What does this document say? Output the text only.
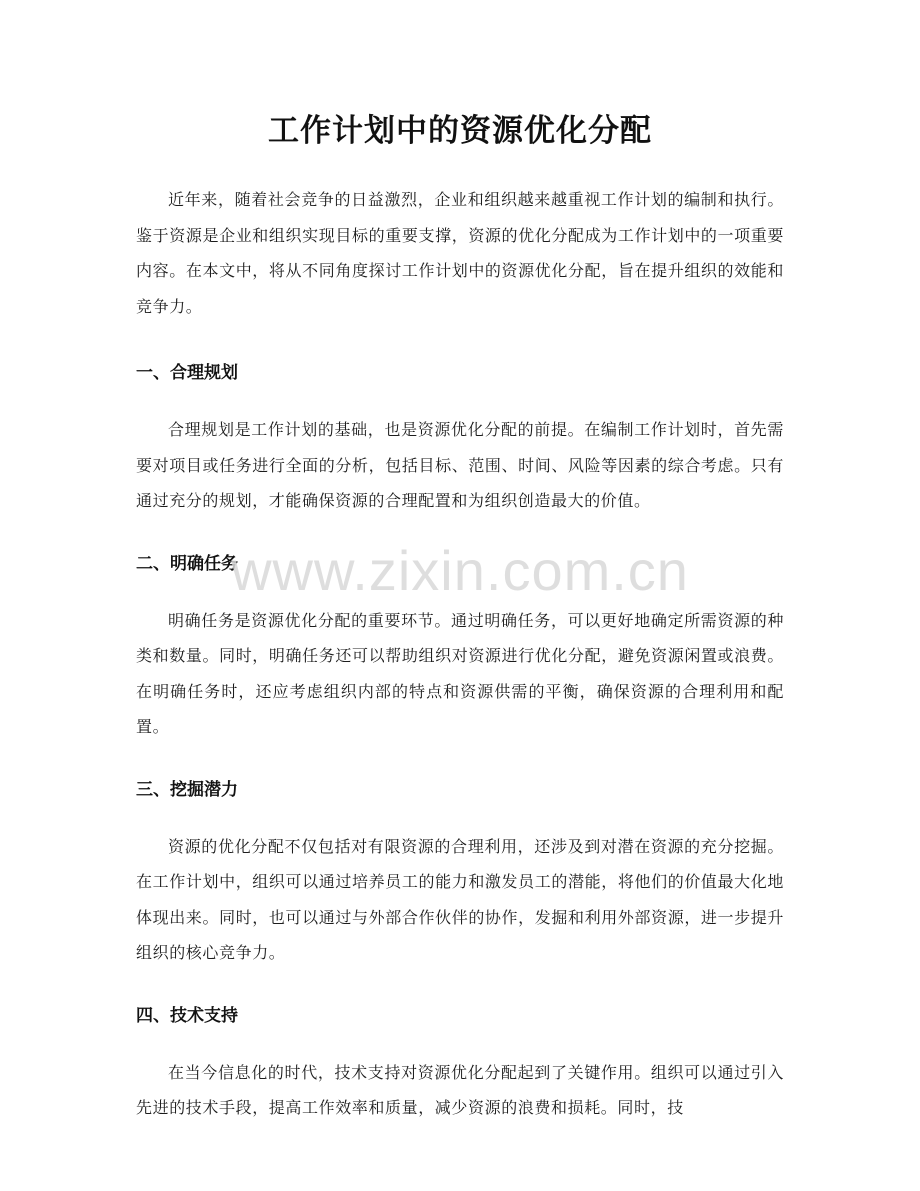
工作计划中的资源优化分配

近年来，随着社会竞争的日益激烈，企业和组织越来越重视工作计划的编制和执行。鉴于资源是企业和组织实现目标的重要支撑，资源的优化分配成为工作计划中的一项重要内容。在本文中，将从不同角度探讨工作计划中的资源优化分配，旨在提升组织的效能和竞争力。

一、合理规划

合理规划是工作计划的基础，也是资源优化分配的前提。在编制工作计划时，首先需要对项目或任务进行全面的分析，包括目标、范围、时间、风险等因素的综合考虑。只有通过充分的规划，才能确保资源的合理配置和为组织创造最大的价值。

二、明确任务

明确任务是资源优化分配的重要环节。通过明确任务，可以更好地确定所需资源的种类和数量。同时，明确任务还可以帮助组织对资源进行优化分配，避免资源闲置或浪费。在明确任务时，还应考虑组织内部的特点和资源供需的平衡，确保资源的合理利用和配置。

三、挖掘潜力

资源的优化分配不仅包括对有限资源的合理利用，还涉及到对潜在资源的充分挖掘。在工作计划中，组织可以通过培养员工的能力和激发员工的潜能，将他们的价值最大化地体现出来。同时，也可以通过与外部合作伙伴的协作，发掘和利用外部资源，进一步提升组织的核心竞争力。

四、技术支持

在当今信息化的时代，技术支持对资源优化分配起到了关键作用。组织可以通过引入先进的技术手段，提高工作效率和质量，减少资源的浪费和损耗。同时，技

www.zixin.com.cn
